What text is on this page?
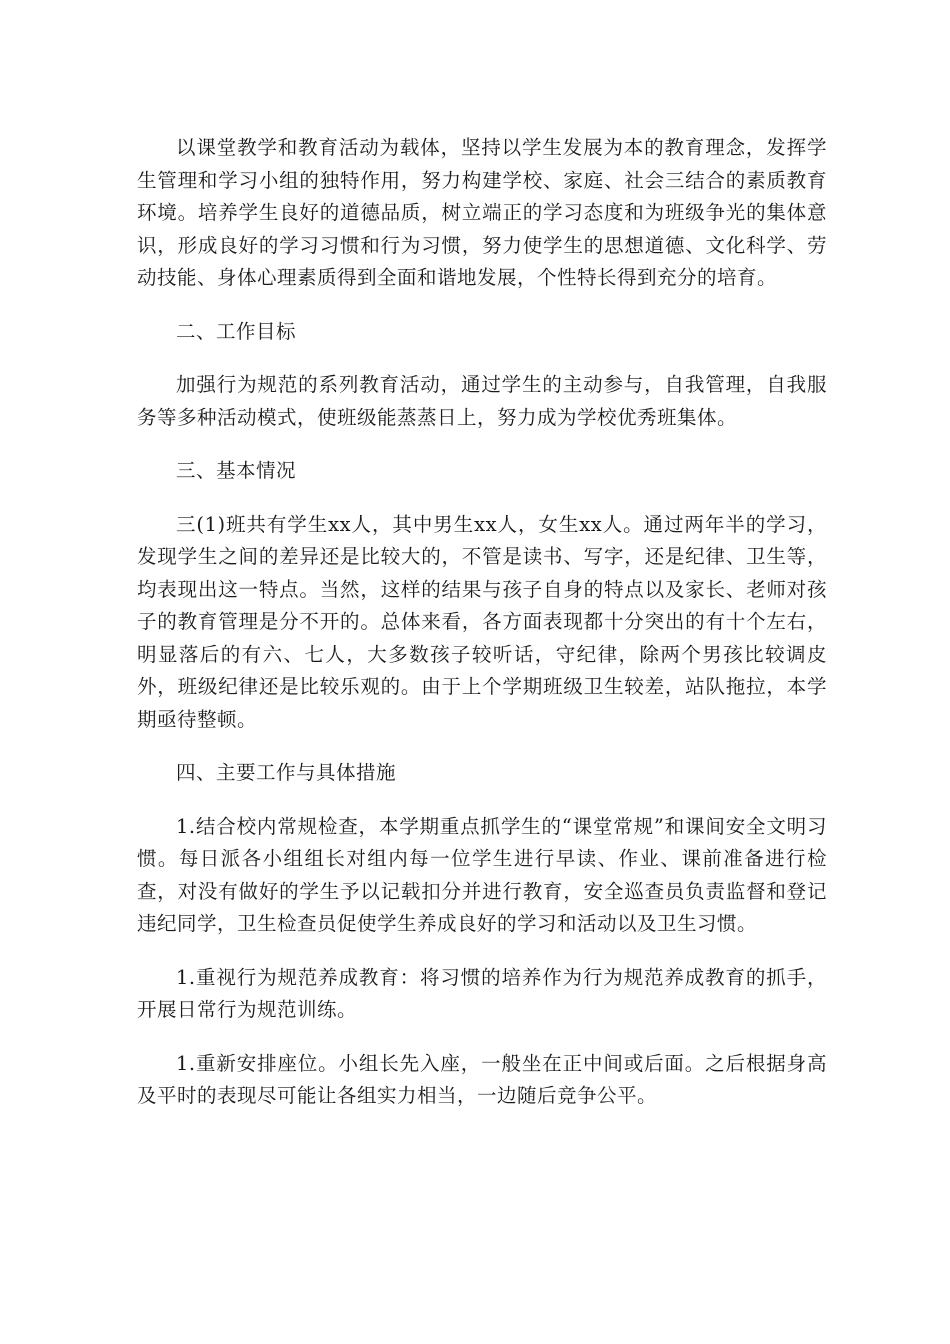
以课堂教学和教育活动为载体，坚持以学生发展为本的教育理念，发挥学生管理和学习小组的独特作用，努力构建学校、家庭、社会三结合的素质教育环境。培养学生良好的道德品质，树立端正的学习态度和为班级争光的集体意识，形成良好的学习习惯和行为习惯，努力使学生的思想道德、文化科学、劳动技能、身体心理素质得到全面和谐地发展，个性特长得到充分的培育。

二、工作目标

加强行为规范的系列教育活动，通过学生的主动参与，自我管理，自我服务等多种活动模式，使班级能蒸蒸日上，努力成为学校优秀班集体。

三、基本情况

三(1)班共有学生xx人，其中男生xx人，女生xx人。通过两年半的学习，发现学生之间的差异还是比较大的，不管是读书、写字，还是纪律、卫生等，均表现出这一特点。当然，这样的结果与孩子自身的特点以及家长、老师对孩子的教育管理是分不开的。总体来看，各方面表现都十分突出的有十个左右，明显落后的有六、七人，大多数孩子较听话，守纪律，除两个男孩比较调皮外，班级纪律还是比较乐观的。由于上个学期班级卫生较差，站队拖拉，本学期亟待整顿。

四、主要工作与具体措施

1.结合校内常规检查，本学期重点抓学生的“课堂常规”和课间安全文明习惯。每日派各小组组长对组内每一位学生进行早读、作业、课前准备进行检查，对没有做好的学生予以记载扣分并进行教育，安全巡查员负责监督和登记违纪同学，卫生检查员促使学生养成良好的学习和活动以及卫生习惯。

1.重视行为规范养成教育：将习惯的培养作为行为规范养成教育的抓手，开展日常行为规范训练。

1.重新安排座位。小组长先入座，一般坐在正中间或后面。之后根据身高及平时的表现尽可能让各组实力相当，一边随后竞争公平。
